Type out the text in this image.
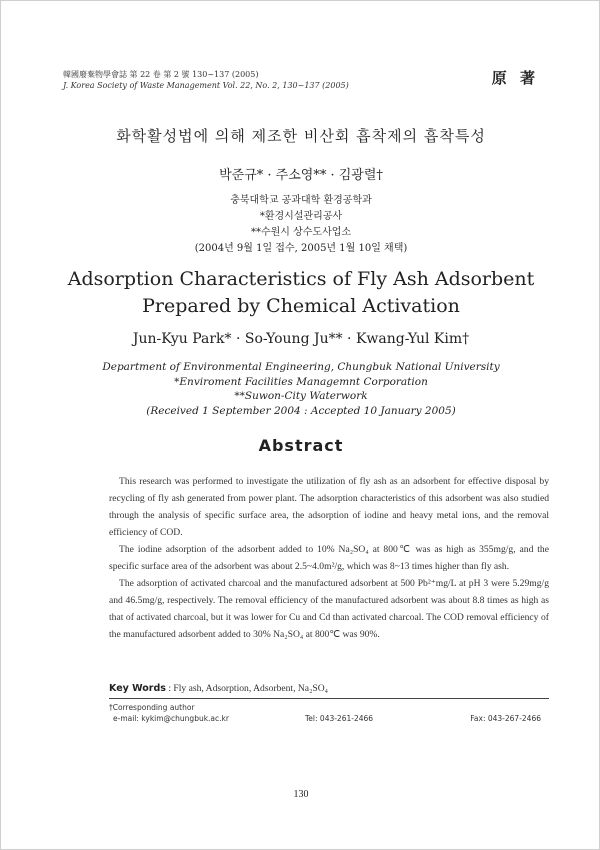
韓國廢棄物學會誌 第 22 卷 第 2 號 130~137 (2005)
J. Korea Society of Waste Management Vol. 22, No. 2, 130~137 (2005)	原 著
화학활성법에 의해 제조한 비산회 흡착제의 흡착특성
박준규* · 주소영** · 김광렬†
충북대학교 공과대학 환경공학과
*환경시설관리공사
**수원시 상수도사업소
(2004년 9월 1일 접수, 2005년 1월 10일 채택)
Adsorption Characteristics of Fly Ash Adsorbent Prepared by Chemical Activation
Jun-Kyu Park* · So-Young Ju** · Kwang-Yul Kim†
Department of Environmental Engineering, Chungbuk National University
*Enviroment Facilities Managemnt Corporation
**Suwon-City Waterwork
(Received 1 September 2004 : Accepted 10 January 2005)
Abstract

This research was performed to investigate the utilization of fly ash as an adsorbent for effective disposal by recycling of fly ash generated from power plant. The adsorption characteristics of this adsorbent was also studied through the analysis of specific surface area, the adsorption of iodine and heavy metal ions, and the removal efficiency of COD.

The iodine adsorption of the adsorbent added to 10% Na₂SO₄ at 800℃ was as high as 355mg/g, and the specific surface area of the adsorbent was about 2.5~4.0m²/g, which was 8~13 times higher than fly ash.

The adsorption of activated charcoal and the manufactured adsorbent at 500 Pb²⁺mg/L at pH 3 were 5.29mg/g and 46.5mg/g, respectively. The removal efficiency of the manufactured adsorbent was about 8.8 times as high as that of activated charcoal, but it was lower for Cu and Cd than activated charcoal. The COD removal efficiency of the manufactured adsorbent added to 30% Na₂SO₄ at 800℃ was 90%.

Key Words : Fly ash, Adsorption, Adsorbent, Na₂SO₄
†Corresponding author
e-mail: kykim@chungbuk.ac.kr	Tel: 043-261-2466	Fax: 043-267-2466
130
